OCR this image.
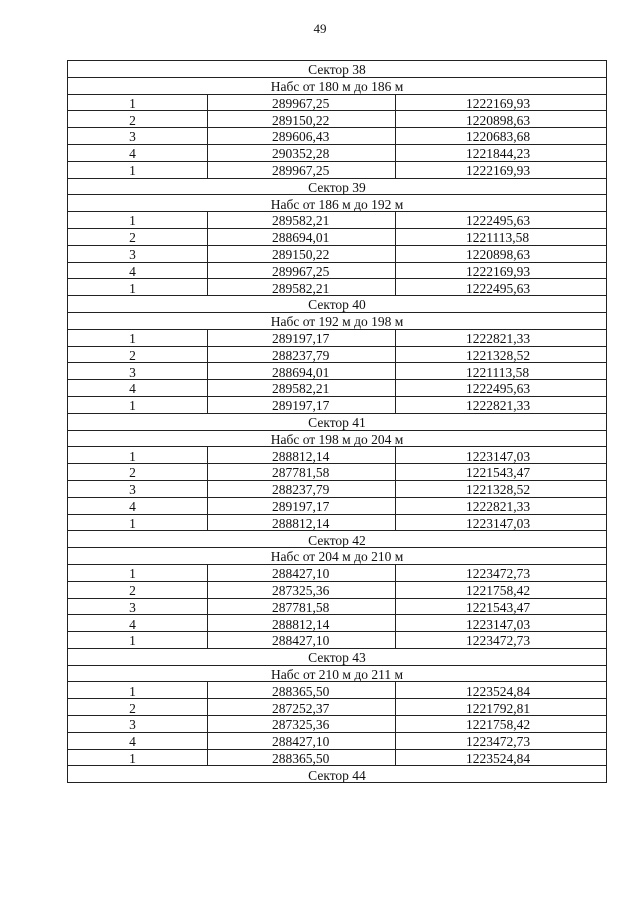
49
Сектор 38		
Набс от 180 м до 186 м		
1	289967,25	1222169,93
2	289150,22	1220898,63
3	289606,43	1220683,68
4	290352,28	1221844,23
1	289967,25	1222169,93
Сектор 39		
Набс от 186 м до 192 м		
1	289582,21	1222495,63
2	288694,01	1221113,58
3	289150,22	1220898,63
4	289967,25	1222169,93
1	289582,21	1222495,63
Сектор 40		
Набс от 192 м до 198 м		
1	289197,17	1222821,33
2	288237,79	1221328,52
3	288694,01	1221113,58
4	289582,21	1222495,63
1	289197,17	1222821,33
Сектор 41		
Набс от 198 м до 204 м		
1	288812,14	1223147,03
2	287781,58	1221543,47
3	288237,79	1221328,52
4	289197,17	1222821,33
1	288812,14	1223147,03
Сектор 42		
Набс от 204 м до 210 м		
1	288427,10	1223472,73
2	287325,36	1221758,42
3	287781,58	1221543,47
4	288812,14	1223147,03
1	288427,10	1223472,73
Сектор 43		
Набс от 210 м до 211 м		
1	288365,50	1223524,84
2	287252,37	1221792,81
3	287325,36	1221758,42
4	288427,10	1223472,73
1	288365,50	1223524,84
Сектор 44		
